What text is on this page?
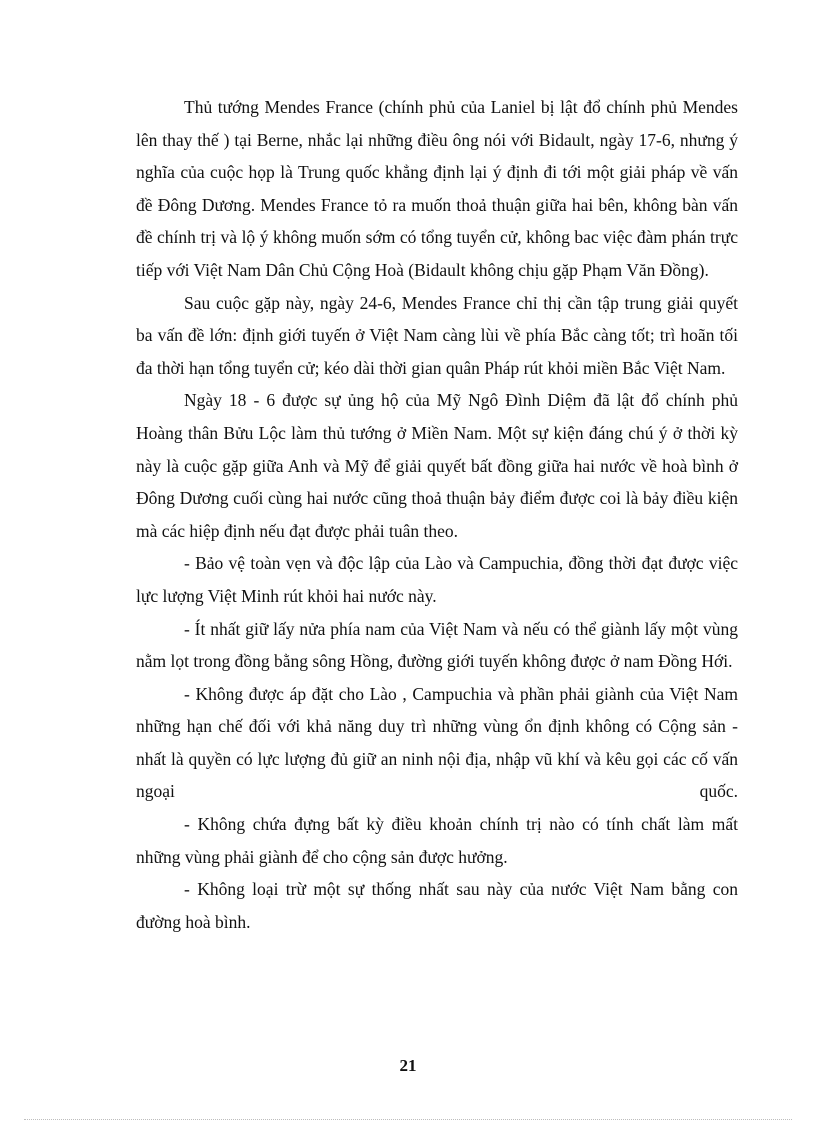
Thủ tướng Mendes France (chính phủ của Laniel bị lật đổ chính phủ Mendes lên thay thế ) tại Berne, nhắc lại những điều ông nói với Bidault, ngày 17-6, nhưng ý nghĩa của cuộc họp là Trung quốc khẳng định lại ý định đi tới một giải pháp về vấn đề Đông Dương. Mendes France tỏ ra muốn thoả thuận giữa hai bên, không bàn vấn đề chính trị và lộ ý không muốn sớm có tổng tuyển cử, không bac việc đàm phán trực tiếp với Việt Nam Dân Chủ Cộng Hoà (Bidault không chịu gặp Phạm Văn Đồng).

Sau cuộc gặp này, ngày 24-6, Mendes France chỉ thị cần tập trung giải quyết ba vấn đề lớn: định giới tuyến ở Việt Nam càng lùi về phía Bắc càng tốt; trì hoãn tối đa thời hạn tổng tuyển cử; kéo dài thời gian quân Pháp rút khỏi miền Bắc Việt Nam.

Ngày 18 - 6 được sự ủng hộ của Mỹ Ngô Đình Diệm đã lật đổ chính phủ Hoàng thân Bửu Lộc làm thủ tướng ở Miền Nam. Một sự kiện đáng chú ý ở thời kỳ này là cuộc gặp giữa Anh và Mỹ để giải quyết bất đồng giữa hai nước về hoà bình ở Đông Dương cuối cùng hai nước cũng thoả thuận bảy điểm được coi là bảy điều kiện mà các hiệp định nếu đạt được phải tuân theo.

- Bảo vệ toàn vẹn và độc lập của Lào và Campuchia, đồng thời đạt được việc lực lượng Việt Minh rút khỏi hai nước này.

- Ít nhất giữ lấy nửa phía nam của Việt Nam và nếu có thể giành lấy một vùng nằm lọt trong đồng bằng sông Hồng, đường giới tuyến không được ở nam Đồng Hới.

- Không được áp đặt cho Lào , Campuchia và phần phải giành của Việt Nam những hạn chế đối với khả năng duy trì những vùng ổn định không có Cộng sản - nhất là quyền có lực lượng đủ giữ an ninh nội địa, nhập vũ khí và kêu gọi các cố vấn ngoại quốc.

- Không chứa đựng bất kỳ điều khoản chính trị nào có tính chất làm mất những vùng phải giành để cho cộng sản được hưởng.

- Không loại trừ một sự thống nhất sau này của nước Việt Nam bằng con đường hoà bình.

21
